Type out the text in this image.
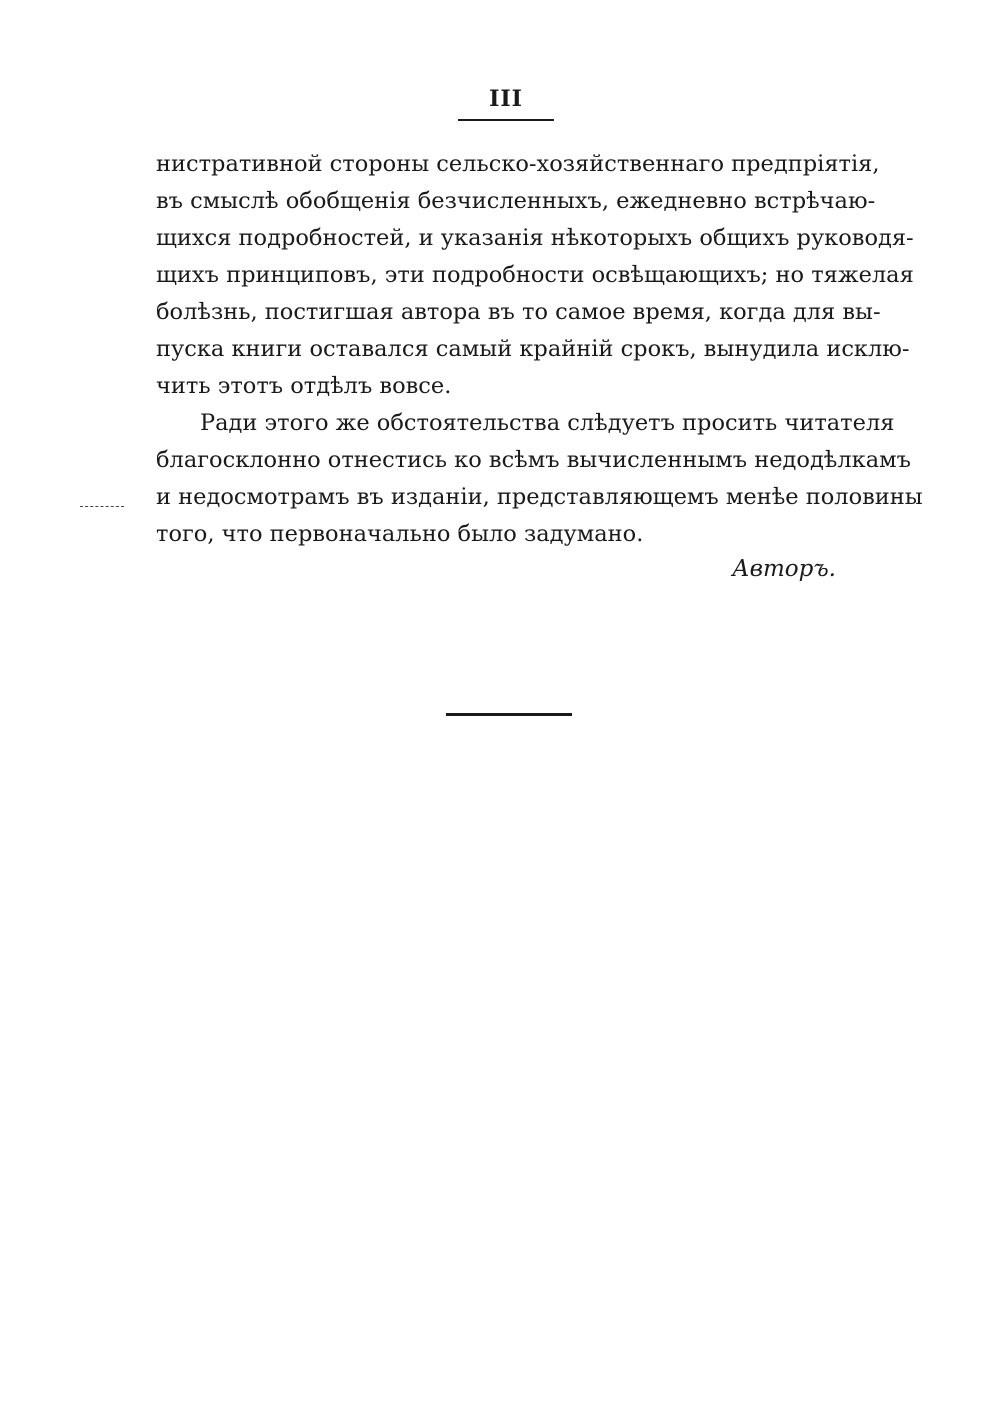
III
нистративной стороны сельско-хозяйственнаго предпріятія,
въ смыслѣ обобщенія безчисленныхъ, ежедневно встрѣчаю-
щихся подробностей, и указанія нѣкоторыхъ общихъ руководя-
щихъ принциповъ, эти подробности освѣщающихъ; но тяжелая
болѣзнь, постигшая автора въ то самое время, когда для вы-
пуска книги оставался самый крайній срокъ, вынудила исклю-
чить этотъ отдѣлъ вовсе.
Ради этого же обстоятельства слѣдуетъ просить читателя
благосклонно отнестись ко всѣмъ вычисленнымъ недодѣлкамъ
и недосмотрамъ въ изданіи, представляющемъ менѣе половины
того, что первоначально было задумано.
Авторъ.
